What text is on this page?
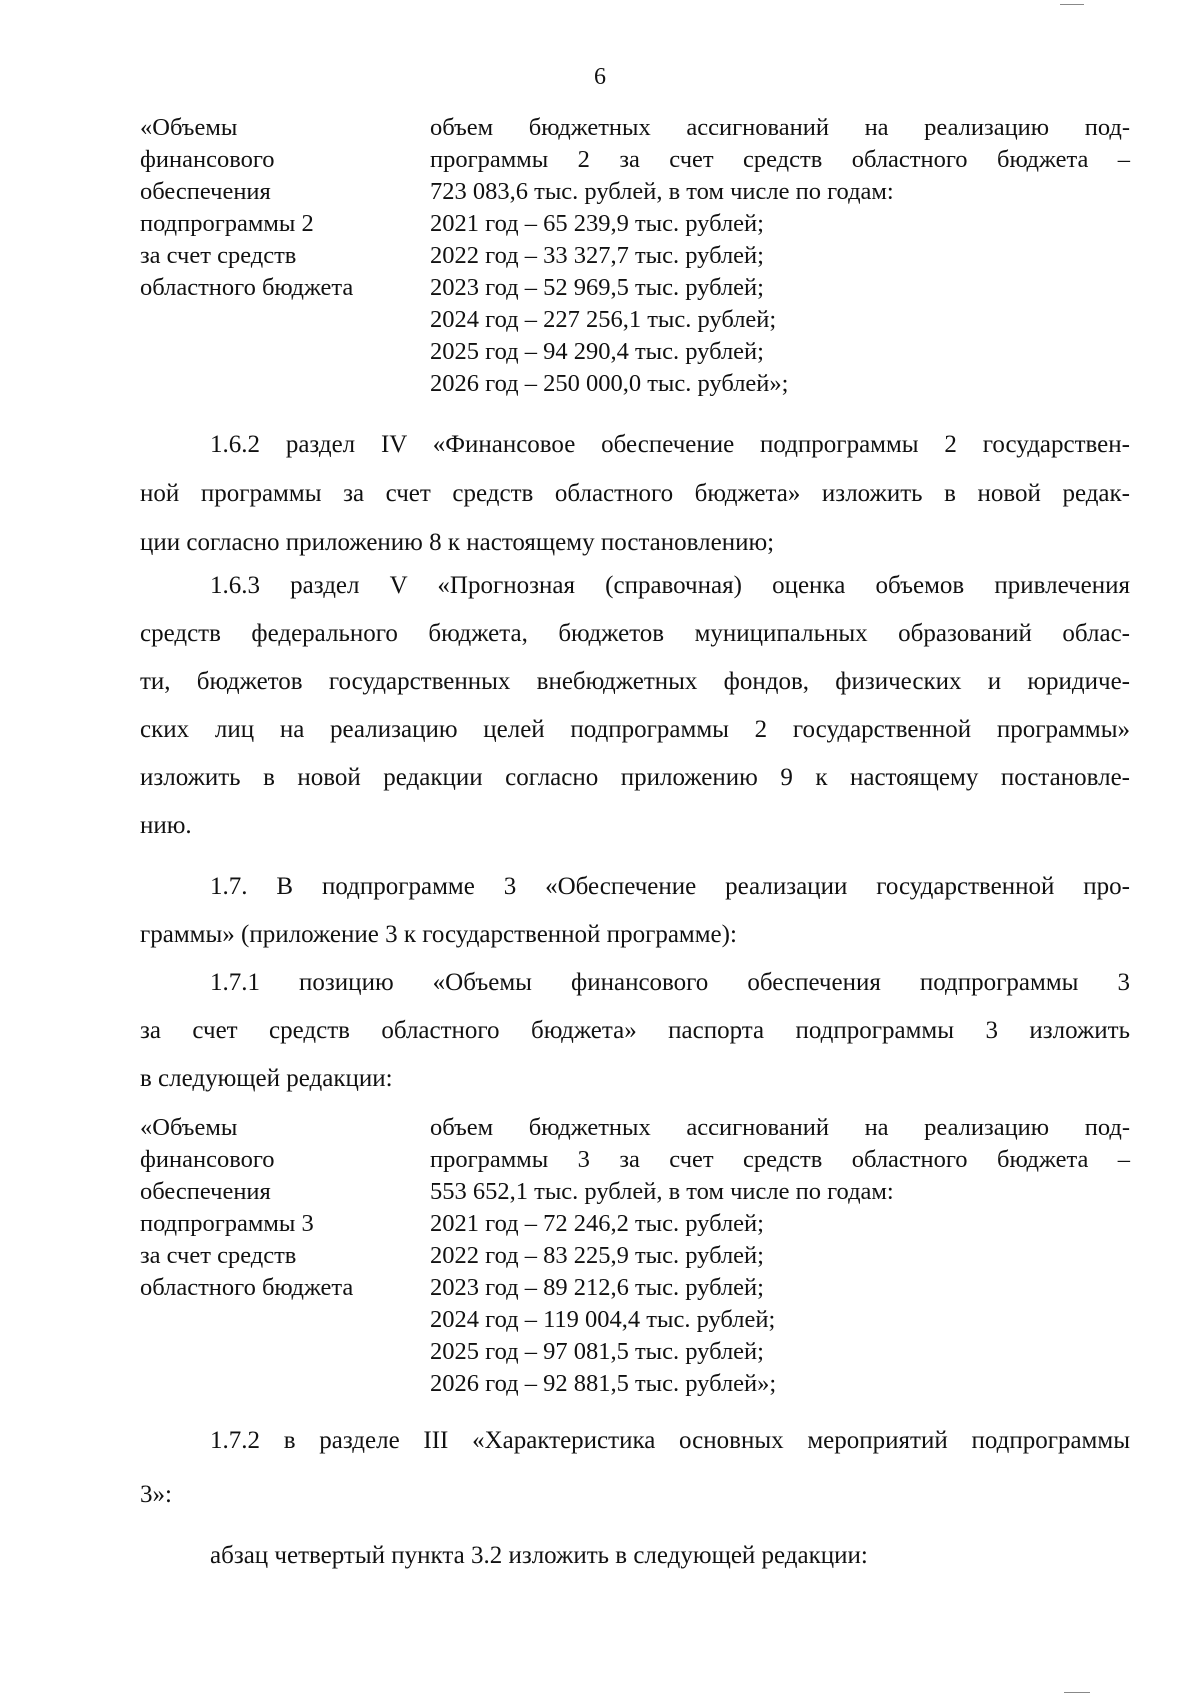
6
«Объемы
финансового
обеспечения
подпрограммы 2
за счет средств
областного бюджета
объем бюджетных ассигнований на реализацию под-
программы 2 за счет средств областного бюджета –
723 083,6 тыс. рублей, в том числе по годам:
2021 год – 65 239,9 тыс. рублей;
2022 год – 33 327,7 тыс. рублей;
2023 год – 52 969,5 тыс. рублей;
2024 год – 227 256,1 тыс. рублей;
2025 год – 94 290,4 тыс. рублей;
2026 год – 250 000,0 тыс. рублей»;
1.6.2 раздел IV «Финансовое обеспечение подпрограммы 2 государствен-
ной программы за счет средств областного бюджета» изложить в новой редак-
ции согласно приложению 8 к настоящему постановлению;
1.6.3 раздел V «Прогнозная (справочная) оценка объемов привлечения
средств федерального бюджета, бюджетов муниципальных образований облас-
ти, бюджетов государственных внебюджетных фондов, физических и юридиче-
ских лиц на реализацию целей подпрограммы 2 государственной программы»
изложить в новой редакции согласно приложению 9 к настоящему постановле-
нию.
1.7. В подпрограмме 3 «Обеспечение реализации государственной про-
граммы» (приложение 3 к государственной программе):
1.7.1 позицию «Объемы финансового обеспечения подпрограммы 3
за счет средств областного бюджета» паспорта подпрограммы 3 изложить
в следующей редакции:
«Объемы
финансового
обеспечения
подпрограммы 3
за счет средств
областного бюджета
объем бюджетных ассигнований на реализацию под-
программы 3 за счет средств областного бюджета –
553 652,1 тыс. рублей, в том числе по годам:
2021 год – 72 246,2 тыс. рублей;
2022 год – 83 225,9 тыс. рублей;
2023 год – 89 212,6 тыс. рублей;
2024 год – 119 004,4 тыс. рублей;
2025 год – 97 081,5 тыс. рублей;
2026 год – 92 881,5 тыс. рублей»;
1.7.2 в разделе III «Характеристика основных мероприятий подпрограммы
3»:
абзац четвертый пункта 3.2 изложить в следующей редакции:
